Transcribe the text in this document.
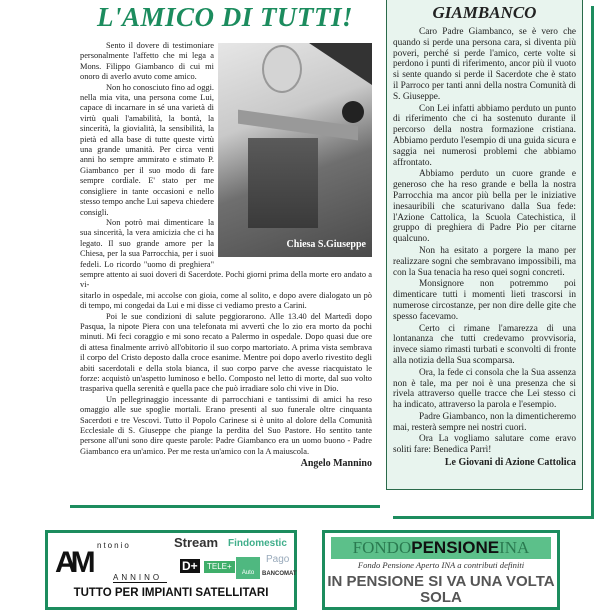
L'AMICO DI TUTTI!
Chiesa S.Giuseppe

Sento il dovere di testimoniare personalmente l'affetto che mi lega a Mons. Filippo Giambanco di cui mi onoro di averlo avuto come amico.

Non ho conosciuto fino ad oggi. nella mia vita, una persona come Lui, capace di incarnare in sé una varietà di virtù quali l'amabilità, la bontà, la sincerità, la giovialità, la sensibilità, la pietà ed alla base di tutte queste virtù una grande umanità. Per circa venti anni ho sempre ammirato e stimato P. Giambanco per il suo modo di fare sempre cordiale. E' stato per me consigliere in tante occasioni e nello stesso tempo anche Lui sapeva chiedere consigli.

Non potrò mai dimenticare la sua sincerità, la vera amicizia che ci ha legato. Il suo grande amore per la Chiesa, per la sua Parrocchia, per i suoi fedeli. Lo ricordo "uomo di preghiera" sempre attento ai suoi doveri di Sacerdote. Pochi giorni prima della morte ero andato a vi-

sitarlo in ospedale, mi accolse con gioia, come al solito, e dopo avere dialogato un pò di tempo, mi congedai da Lui e mi disse ci vediamo presto a Carini.

Poi le sue condizioni di salute peggiorarono. Alle 13.40 del Martedì dopo Pasqua, la nipote Piera con una telefonata mi avvertì che lo zio era morto da pochi minuti. Mi feci coraggio e mi sono recato a Palermo in ospedale. Dopo quasi due ore di attesa finalmente arrivò all'obitorio il suo corpo martoriato. A prima vista sembrava il corpo del Cristo deposto dalla croce esanime. Mentre poi dopo averlo rivestito degli abiti sacerdotali e della stola bianca, il suo corpo parve che avesse riacquistato le forze: acquistò un'aspetto luminoso e bello. Composto nel letto di morte, dal suo volto traspariva quella serenità e quella pace che può irradiare solo chi vive in Dio.

Un pellegrinaggio incessante di parrocchiani e tantissimi di amici ha reso omaggio alle sue spoglie mortali. Erano presenti al suo funerale oltre cinquanta Sacerdoti e tre Vescovi. Tutto il Popolo Carinese si è unito al dolore della Comunità Ecclesiale di S. Giuseppe che piange la perdita del Suo Pastore. Ho sentito tante persone all'uni sono dire queste parole: Padre Giambanco era un uomo buono - Padre Giambanco era un'amico. Per me resta un'amico con la A maiuscola.

Angelo Mannino
GIAMBANCO

Caro Padre Giambanco, se è vero che quando si perde una persona cara, si diventa più poveri, perché si perde l'amico, certe volte si perdono i punti di riferimento, ancor più il vuoto si sente quando si perde il Sacerdote che è stato il Parroco per tanti anni della nostra Comunità di S. Giuseppe.

Con Lei infatti abbiamo perduto un punto di riferimento che ci ha sostenuto durante il percorso della nostra formazione cristiana. Abbiamo perduto l'esempio di una guida sicura e saggia nei numerosi problemi che abbiamo affrontato.

Abbiamo perduto un cuore grande e generoso che ha reso grande e bella la nostra Parrocchia ma ancor più bella per le iniziative inesauribili che scaturivano dalla Sua fede: l'Azione Cattolica, la Scuola Catechistica, il gruppo di preghiera di Padre Pio per citarne qualcuno.

Non ha esitato a porgere la mano per realizzare sogni che sembravano impossibili, ma con la Sua tenacia ha reso quei sogni concreti.

Monsignore non potremmo poi dimenticare tutti i momenti lieti trascorsi in numerose circostanze, per non dire delle gite che spesso facevamo.

Certo ci rimane l'amarezza di una lontananza che tutti credevamo provvisoria, invece siamo rimasti turbati e sconvolti di fronte alla notizia della Sua scomparsa.

Ora, la fede ci consola che la Sua assenza non è tale, ma per noi è una presenza che si rivela attraverso quelle tracce che Lei stesso ci ha indicato, attraverso la parola e l'esempio.

Padre Giambanco, non la dimenticheremo mai, resterà sempre nei nostri cuori.

Ora La vogliamo salutare come eravo soliti fare: Benedica Parrì!

Le Giovani di Azione Cattolica
AM
ntonio
ANNINO
Stream Findomestic
D+	TELE+
Auto
Pago
BANCOMAT
TUTTO PER IMPIANTI SATELLITARI
FONDOPENSIONEINA
Fondo Pensione Aperto INA a contributi definiti
IN PENSIONE SI VA UNA VOLTA SOLA
